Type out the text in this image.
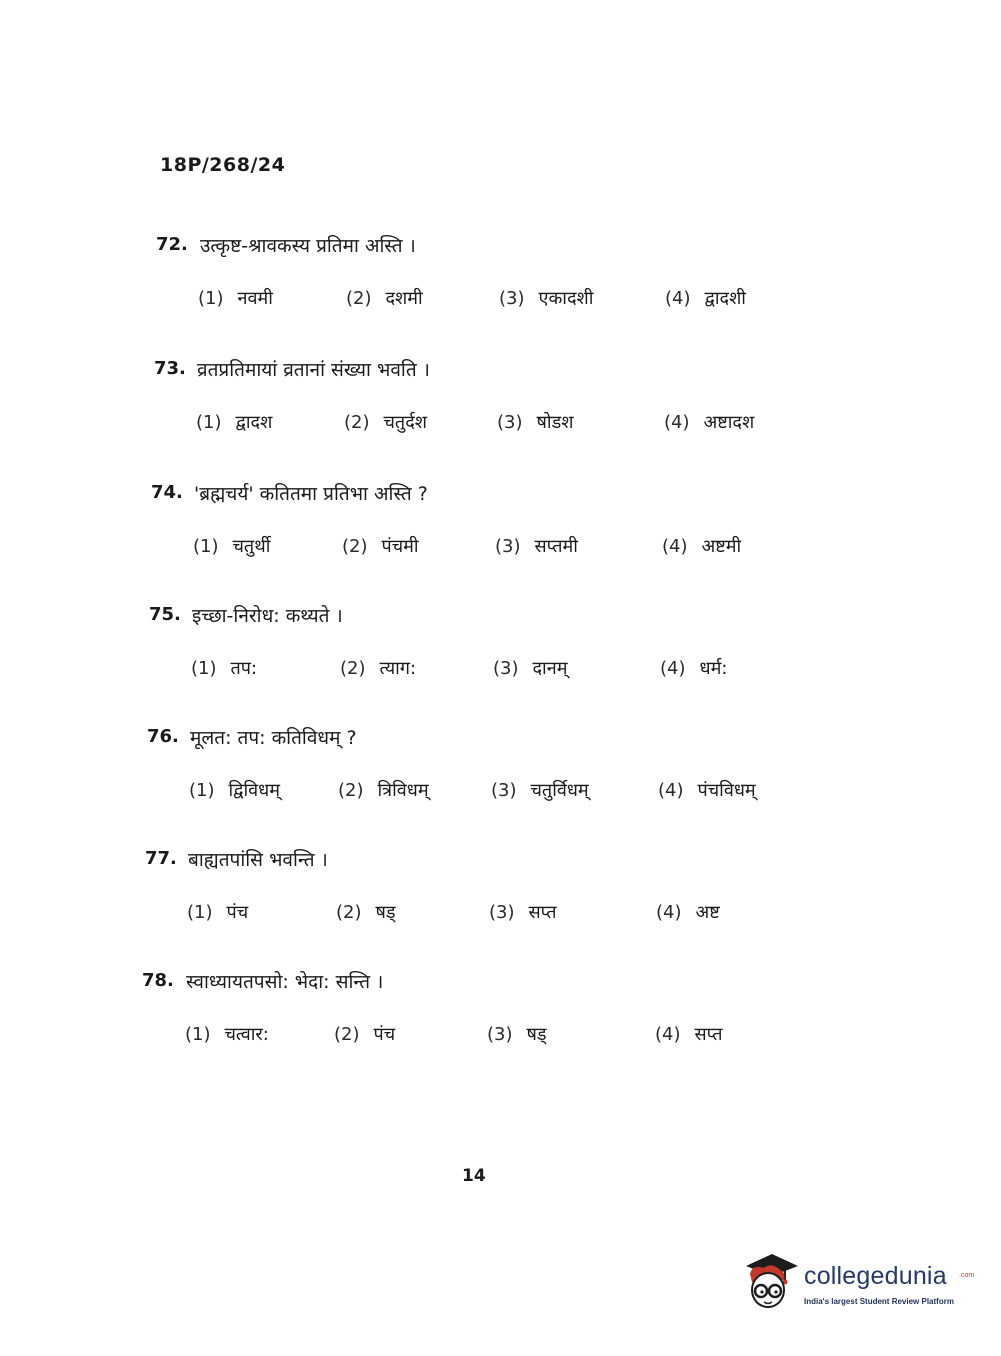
18P/268/24
72. उत्कृष्ट-श्रावकस्य प्रतिमा अस्ति ।
(1) नवमी	(2) दशमी	(3) एकादशी	(4) द्वादशी
73. व्रतप्रतिमायां व्रतानां संख्या भवति ।
(1) द्वादश	(2) चतुर्दश	(3) षोडश	(4) अष्टादश
74. 'ब्रह्मचर्य' कतितमा प्रतिभा अस्ति ?
(1) चतुर्थी	(2) पंचमी	(3) सप्तमी	(4) अष्टमी
75. इच्छा-निरोध: कथ्यते ।
(1) तप:	(2) त्याग:	(3) दानम्	(4) धर्म:
76. मूलत: तप: कतिविधम् ?
(1) द्विविधम्	(2) त्रिविधम्	(3) चतुर्विधम्	(4) पंचविधम्
77. बाह्यतपांसि भवन्ति ।
(1) पंच	(2) षड्	(3) सप्त	(4) अष्ट
78. स्वाध्यायतपसो: भेदा: सन्ति ।
(1) चत्वार:	(2) पंच	(3) षड्	(4) सप्त
14
collegedunia .com
India's largest Student Review Platform
